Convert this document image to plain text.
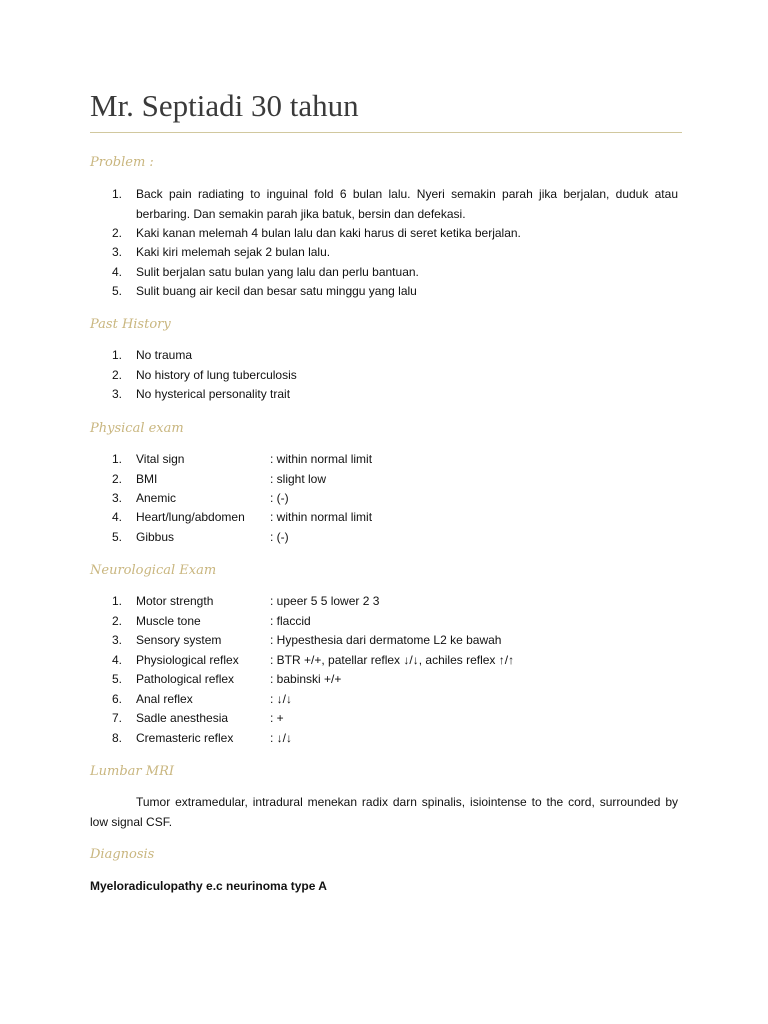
Mr. Septiadi 30 tahun
Problem :
1.	Back pain radiating to inguinal fold 6 bulan lalu. Nyeri semakin parah jika berjalan, duduk atau berbaring. Dan semakin parah jika batuk, bersin dan defekasi.
2.	Kaki kanan melemah 4 bulan lalu dan kaki harus di seret ketika berjalan.
3.	Kaki kiri melemah sejak 2 bulan lalu.
4.	Sulit berjalan satu bulan yang lalu dan perlu bantuan.
5.	Sulit buang air kecil dan besar satu minggu yang lalu
Past History
1.	No trauma
2.	No history of lung tuberculosis
3.	No hysterical personality trait
Physical exam
1.	Vital sign	: within normal limit
2.	BMI	: slight low
3.	Anemic	: (-)
4.	Heart/lung/abdomen : within normal limit
5.	Gibbus	: (-)
Neurological Exam
1.	Motor strength	: upeer 5 5 lower 2 3
2.	Muscle tone	: flaccid
3.	Sensory system	: Hypesthesia dari dermatome L2 ke bawah
4.	Physiological reflex	: BTR +/+, patellar reflex ↓/↓, achiles reflex ↑/↑
5.	Pathological reflex	: babinski +/+
6.	Anal reflex	: ↓/↓
7.	Sadle anesthesia	: +
8.	Cremasteric reflex	: ↓/↓
Lumbar MRI

Tumor extramedular, intradural menekan radix darn spinalis, isiointense to the cord, surrounded by low signal CSF.

Diagnosis

Myeloradiculopathy e.c neurinoma type A
